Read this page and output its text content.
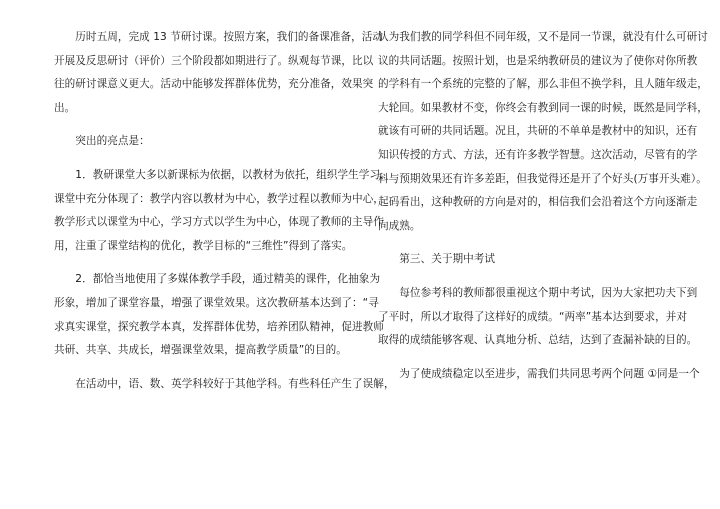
　　历时五周，完成 13 节研讨课。按照方案，我们的备课准备，活动
开展及反思研讨（评价）三个阶段都如期进行了。纵观每节课，比以
往的研讨课意义更大。活动中能够发挥群体优势，充分准备，效果突
出。
　　突出的亮点是：
　　1．教研课堂大多以新课标为依据，以教材为依托，组织学生学习，
课堂中充分体现了：教学内容以教材为中心，教学过程以教师为中心，
教学形式以课堂为中心，学习方式以学生为中心，体现了教师的主导作
用，注重了课堂结构的优化，教学目标的“三维性”得到了落实。
　　2．都恰当地使用了多媒体教学手段，通过精美的课件，化抽象为
形象，增加了课堂容量，增强了课堂效果。这次教研基本达到了：“寻
求真实课堂，探究教学本真，发挥群体优势，培养团队精神，促进教师
共研、共享、共成长，增强课堂效果，提高教学质量”的目的。
　　在活动中，语、数、英学科较好于其他学科。有些科任产生了误解，
认为我们教的同学科但不同年级，又不是同一节课，就没有什么可研讨
议的共同话题。按照计划，也是采纳教研员的建议为了使你对你所教
的学科有一个系统的完整的了解，那么非但不换学科，且人随年级走，
大轮回。如果教材不变，你终会有教到同一课的时候，既然是同学科，
就该有可研的共同话题。况且，共研的不单单是教材中的知识，还有
知识传授的方式、方法，还有许多教学智慧。这次活动，尽管有的学
科与预期效果还有许多差距，但我觉得还是开了个好头(万事开头难）。
起码看出，这种教研的方向是对的，相信我们会沿着这个方向逐渐走
向成熟。
　　第三、关于期中考试
　　每位参考科的教师都很重视这个期中考试，因为大家把功夫下到
了平时，所以才取得了这样好的成绩。“两率”基本达到要求，并对
取得的成绩能够客观、认真地分析、总结，达到了查漏补缺的目的。
　　为了使成绩稳定以至进步，需我们共同思考两个问题 ①同是一个
